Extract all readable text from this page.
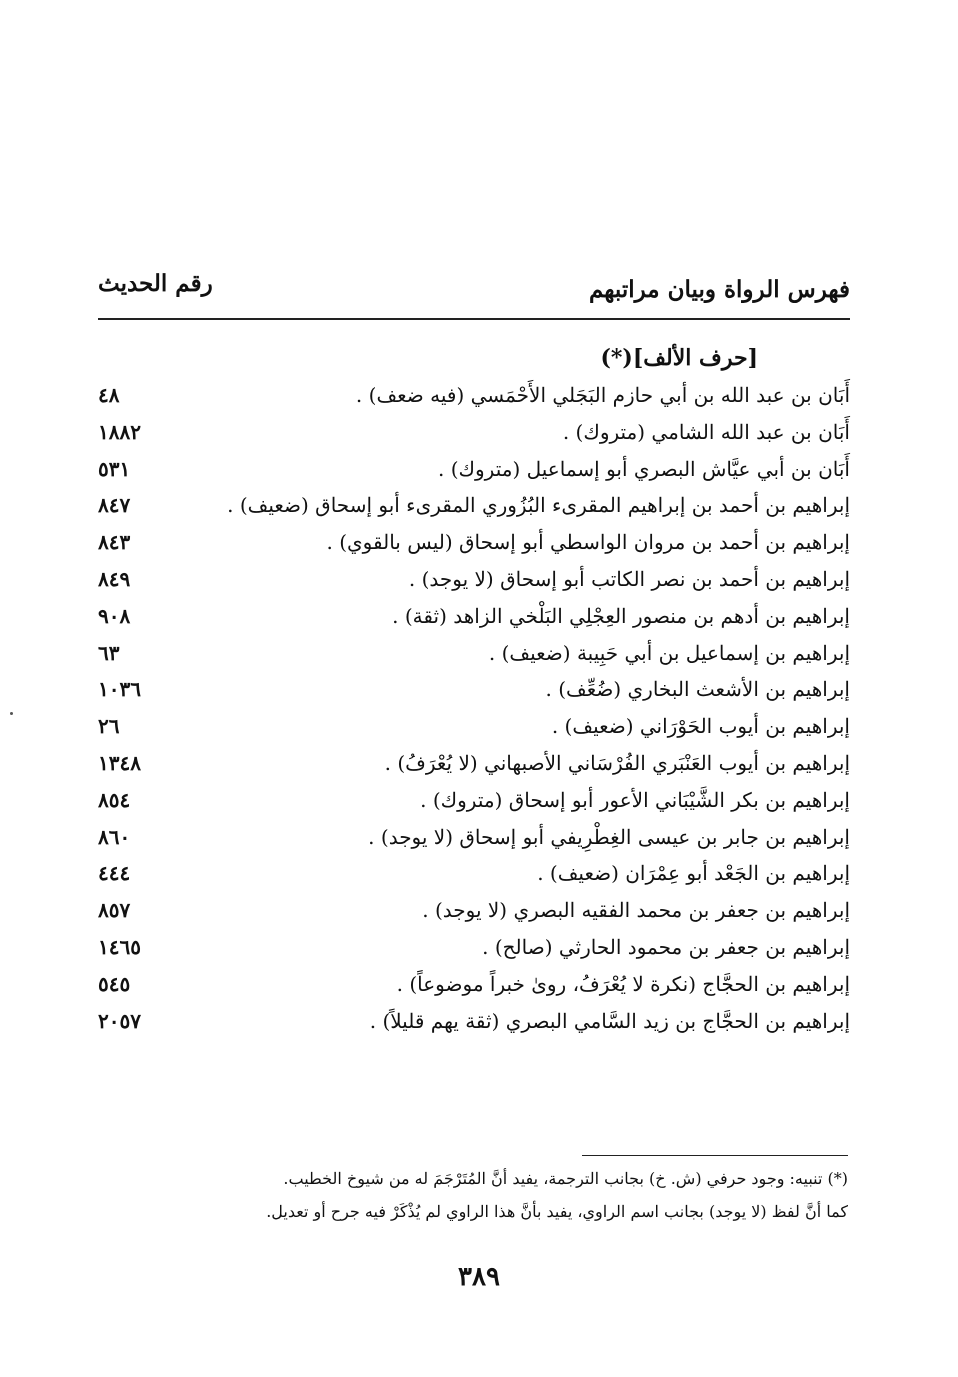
فهرس الرواة وبيان مراتبهم
رقم الحديث
[حرف الألف](*)
أَبَان بن عبد الله بن أبي حازم البَجَلي الأَحْمَسي (فيه ضعف) .
٤٨
أَبَان بن عبد الله الشامي (متروك) .
١٨٨٢
أَبَان بن أبي عيَّاش البصري أبو إسماعيل (متروك) .
٥٣١
إبراهيم بن أحمد بن إبراهيم المقرىء البُزُوري المقرىء أبو إسحاق (ضعيف) .
٨٤٧
إبراهيم بن أحمد بن مروان الواسطي أبو إسحاق (ليس بالقوي) .
٨٤٣
إبراهيم بن أحمد بن نصر الكاتب أبو إسحاق (لا يوجد) .
٨٤٩
إبراهيم بن أدهم بن منصور العِجْلِي البَلْخي الزاهد (ثقة) .
٩٠٨
إبراهيم بن إسماعيل بن أبي حَبِيبة (ضعيف) .
٦٣
إبراهيم بن الأشعث البخاري (ضُعِّف) .
١٠٣٦
إبراهيم بن أيوب الحَوْرَاني (ضعيف) .
٢٦
إبراهيم بن أيوب العَنْبَري الفُرْسَاني الأصبهاني (لا يُعْرَفُ) .
١٣٤٨
إبراهيم بن بكر الشَّيْبَاني الأعور أبو إسحاق (متروك) .
٨٥٤
إبراهيم بن جابر بن عيسى الغِطْرِيفي أبو إسحاق (لا يوجد) .
٨٦٠
إبراهيم بن الجَعْد أبو عِمْرَان (ضعيف) .
٤٤٤
إبراهيم بن جعفر بن محمد الفقيه البصري (لا يوجد) .
٨٥٧
إبراهيم بن جعفر بن محمود الحارثي (صالح) .
١٤٦٥
إبراهيم بن الحجَّاج (نكرة لا يُعْرَفُ، روىٰ خبراً موضوعاً) .
٥٤٥
إبراهيم بن الحجَّاج بن زيد السَّامي البصري (ثقة يهم قليلاً) .
٢٠٥٧
(*) تنبيه: وجود حرفي (ش. خ) بجانب الترجمة، يفيد أنَّ المُتَرْجَمَ له من شيوخ الخطيب.
كما أنَّ لفظ (لا يوجد) بجانب اسم الراوي، يفيد بأنَّ هذا الراوي لم يُذْكَرْ فيه جرح أو تعديل.
٣٨٩
